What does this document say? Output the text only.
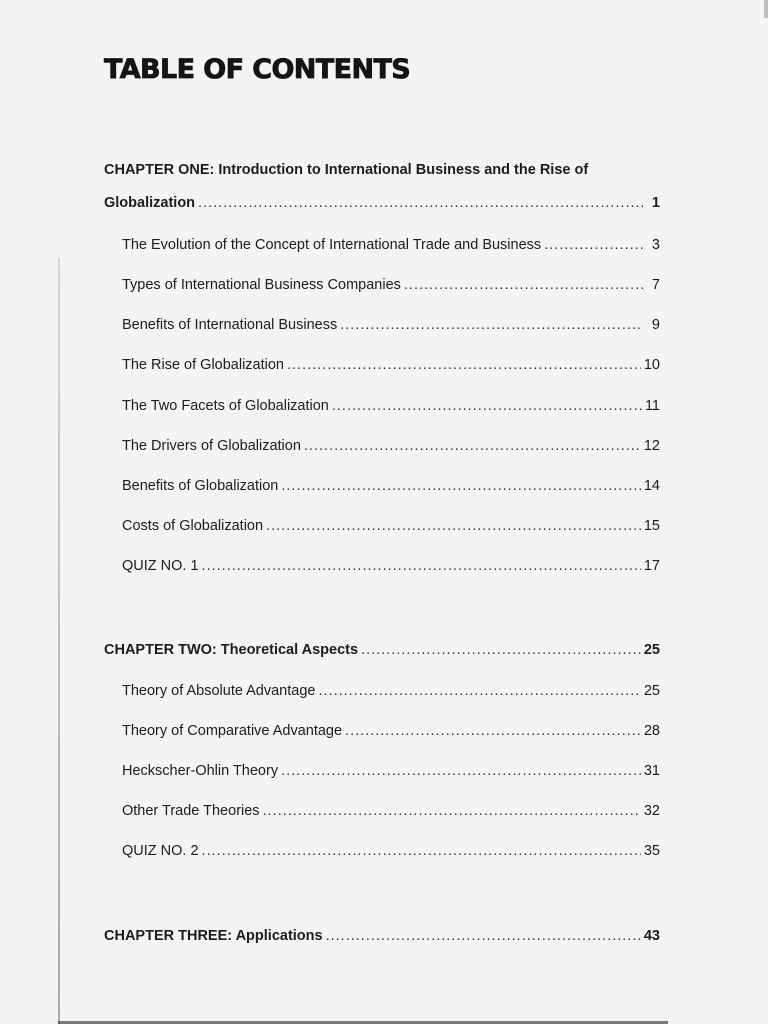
TABLE OF CONTENTS
CHAPTER ONE: Introduction to International Business and the Rise of
Globalization .....	1
The Evolution of the Concept of International Trade and Business .....	3
Types of International Business Companies .....	7
Benefits of International Business .....	9
The Rise of Globalization .....	10
The Two Facets of Globalization .....	11
The Drivers of Globalization .....	12
Benefits of Globalization .....	14
Costs of Globalization .....	15
QUIZ NO. 1 .....	17
CHAPTER TWO: Theoretical Aspects .....	25
Theory of Absolute Advantage .....	25
Theory of Comparative Advantage .....	28
Heckscher-Ohlin Theory .....	31
Other Trade Theories .....	32
QUIZ NO. 2 .....	35
CHAPTER THREE: Applications .....	43
